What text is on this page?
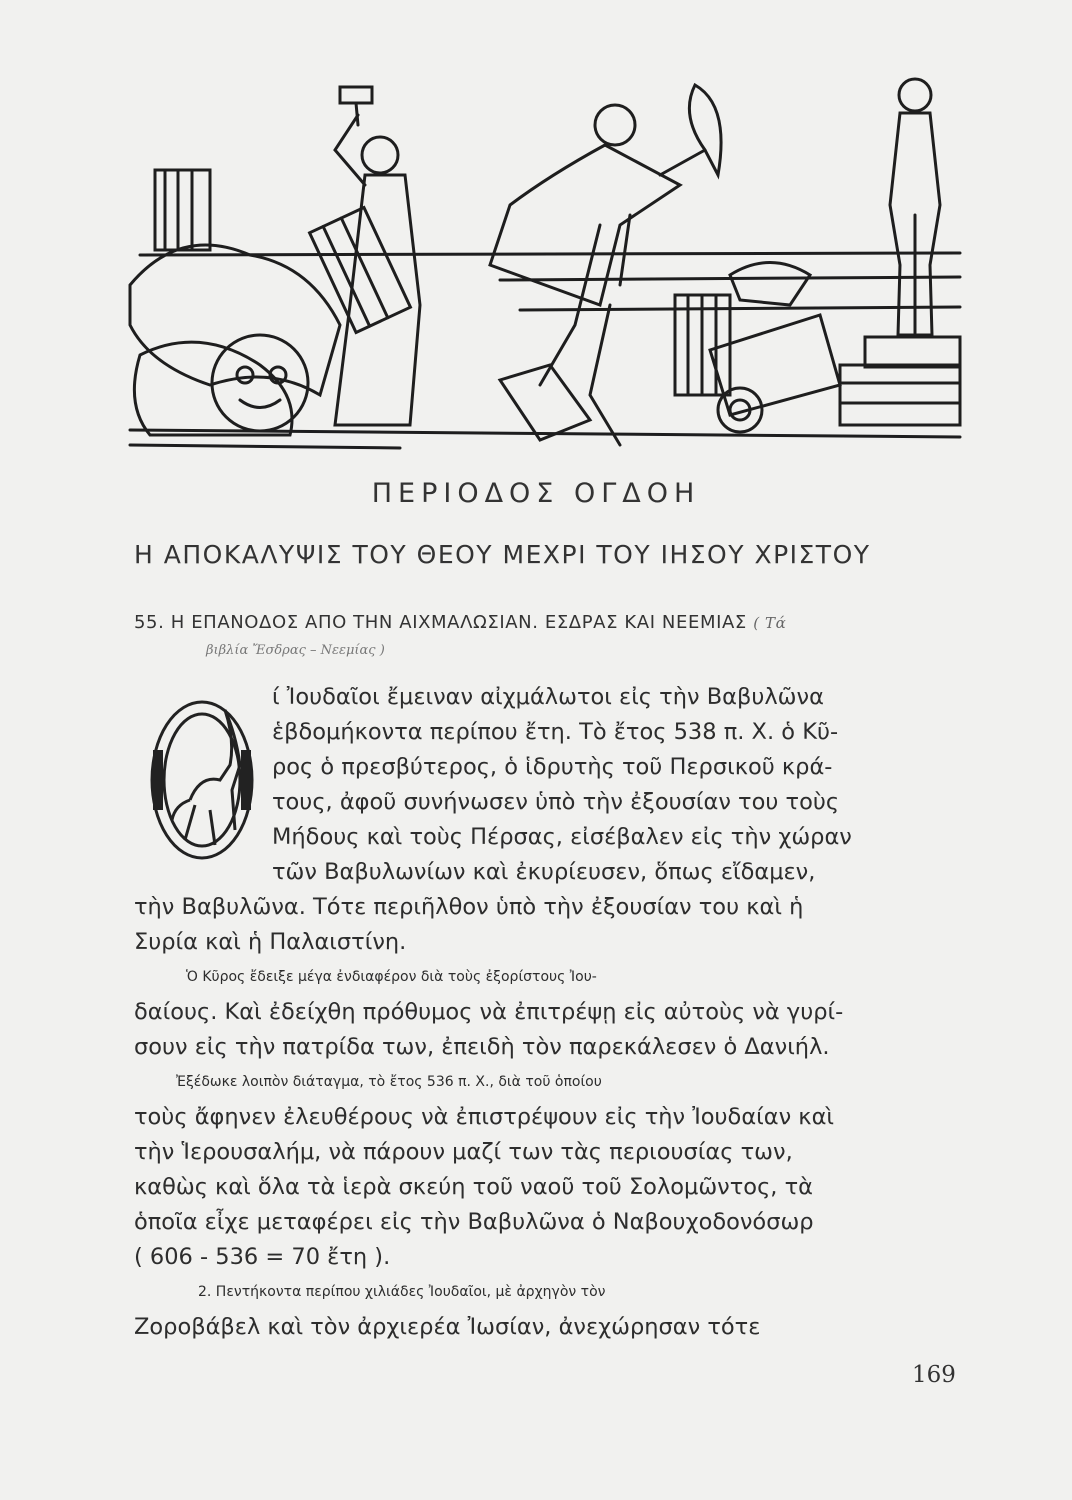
ΠΕΡΙΟΔΟΣ ΟΓΔΟΗ
Η ΑΠΟΚΑΛΥΨΙΣ ΤΟΥ ΘΕΟΥ ΜΕΧΡΙ ΤΟΥ ΙΗΣΟΥ ΧΡΙΣΤΟΥ
55. Η ΕΠΑΝΟΔΟΣ ΑΠΟ ΤΗΝ ΑΙΧΜΑΛΩΣΙΑΝ. ΕΣΔΡΑΣ ΚΑΙ ΝΕΕΜΙΑΣ ( Τά
βιβλία Ἔσδρας – Νεεμίας )
ί Ἰουδαῖοι ἔμειναν αἰχμάλωτοι εἰς τὴν Βαβυλῶνα
ἑβδομήκοντα περίπου ἔτη. Τὸ ἔτος 538 π. Χ. ὁ Κῦ-
ρος ὁ πρεσβύτερος, ὁ ἱδρυτὴς τοῦ Περσικοῦ κρά-
τους, ἀφοῦ συνήνωσεν ὑπὸ τὴν ἐξουσίαν του τοὺς
Μήδους καὶ τοὺς Πέρσας, εἰσέβαλεν εἰς τὴν χώραν
τῶν Βαβυλωνίων καὶ ἐκυρίευσεν, ὅπως εἴδαμεν,
τὴν Βαβυλῶνα. Τότε περιῆλθον ὑπὸ τὴν ἐξουσίαν του καὶ ἡ
Συρία καὶ ἡ Παλαιστίνη.
Ὁ Κῦρος ἔδειξε μέγα ἐνδιαφέρον διὰ τοὺς ἐξορίστους Ἰου-
δαίους. Καὶ ἐδείχθη πρόθυμος νὰ ἐπιτρέψῃ εἰς αὐτοὺς νὰ γυρί-
σουν εἰς τὴν πατρίδα των, ἐπειδὴ τὸν παρεκάλεσεν ὁ Δανιήλ.
Ἐξέδωκε λοιπὸν διάταγμα, τὸ ἔτος 536 π. Χ., διὰ τοῦ ὁποίου
τοὺς ἄφηνεν ἐλευθέρους νὰ ἐπιστρέψουν εἰς τὴν Ἰουδαίαν καὶ
τὴν Ἱερουσαλήμ, νὰ πάρουν μαζί των τὰς περιουσίας των,
καθὼς καὶ ὅλα τὰ ἱερὰ σκεύη τοῦ ναοῦ τοῦ Σολομῶντος, τὰ
ὁποῖα εἶχε μεταφέρει εἰς τὴν Βαβυλῶνα ὁ Ναβουχοδονόσωρ
( 606 - 536 = 70 ἔτη ).
2. Πεντήκοντα περίπου χιλιάδες Ἰουδαῖοι, μὲ ἀρχηγὸν τὸν
Ζοροβάβελ καὶ τὸν ἀρχιερέα Ἰωσίαν, ἀνεχώρησαν τότε
169
